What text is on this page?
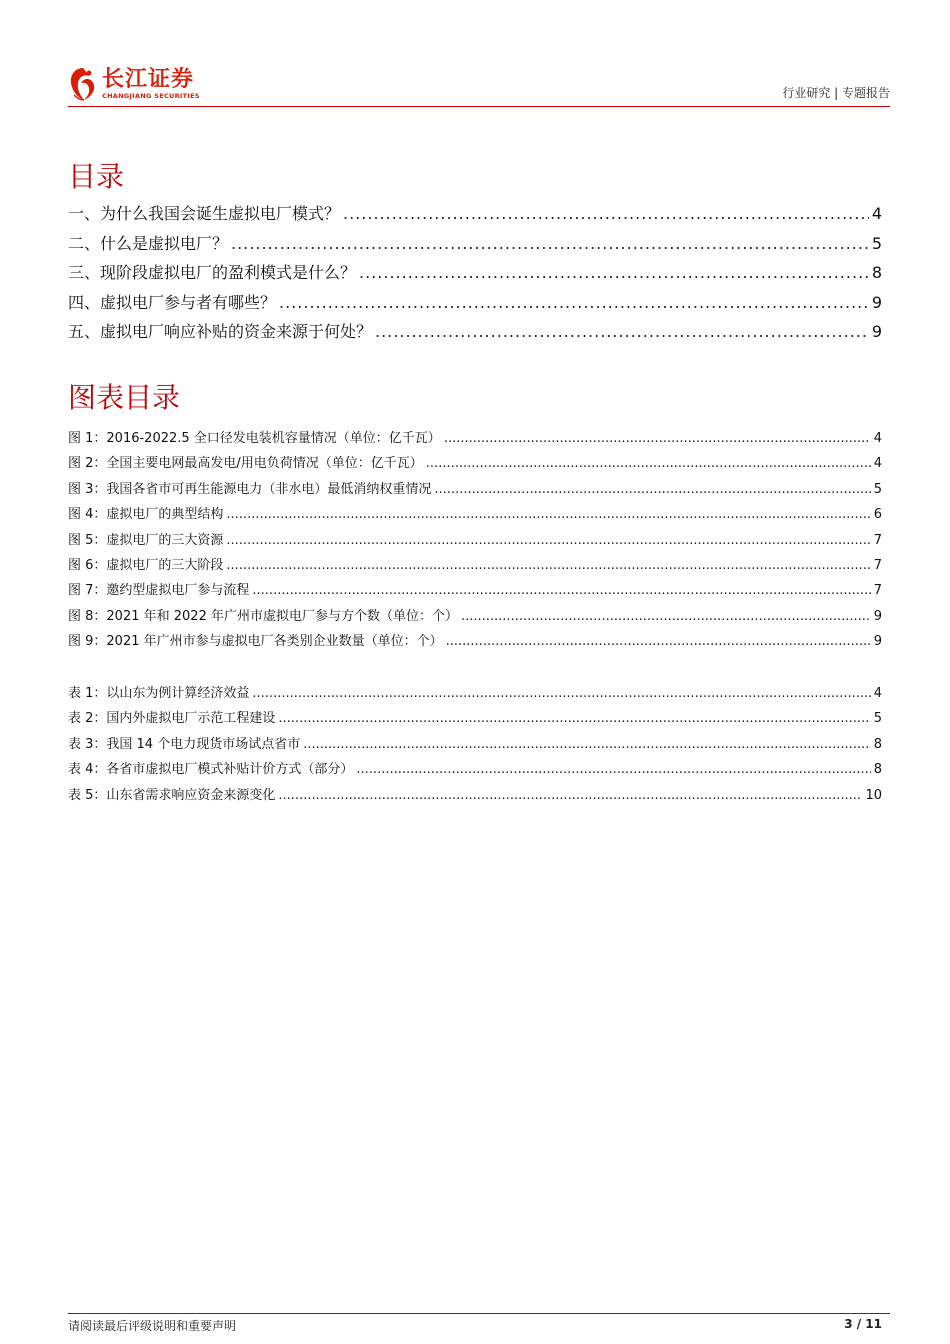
长江证券
CHANGJIANG SECURITIES	行业研究 | 专题报告
目录
一、为什么我国会诞生虚拟电厂模式？ .....	4
二、什么是虚拟电厂？ .....	5
三、现阶段虚拟电厂的盈利模式是什么？ .....	8
四、虚拟电厂参与者有哪些？ .....	9
五、虚拟电厂响应补贴的资金来源于何处？ .....	9
图表目录
图 1：2016-2022.5 全口径发电装机容量情况（单位：亿千瓦） .....	4
图 2：全国主要电网最高发电/用电负荷情况（单位：亿千瓦） .....	4
图 3：我国各省市可再生能源电力（非水电）最低消纳权重情况 .....	5
图 4：虚拟电厂的典型结构 .....	6
图 5：虚拟电厂的三大资源 .....	7
图 6：虚拟电厂的三大阶段 .....	7
图 7：邀约型虚拟电厂参与流程 .....	7
图 8：2021 年和 2022 年广州市虚拟电厂参与方个数（单位：个） .....	9
图 9：2021 年广州市参与虚拟电厂各类别企业数量（单位：个） .....	9
表 1：以山东为例计算经济效益 .....	4
表 2：国内外虚拟电厂示范工程建设 .....	5
表 3：我国 14 个电力现货市场试点省市 .....	8
表 4：各省市虚拟电厂模式补贴计价方式（部分） .....	8
表 5：山东省需求响应资金来源变化 .....	10
请阅读最后评级说明和重要声明	3 / 11
